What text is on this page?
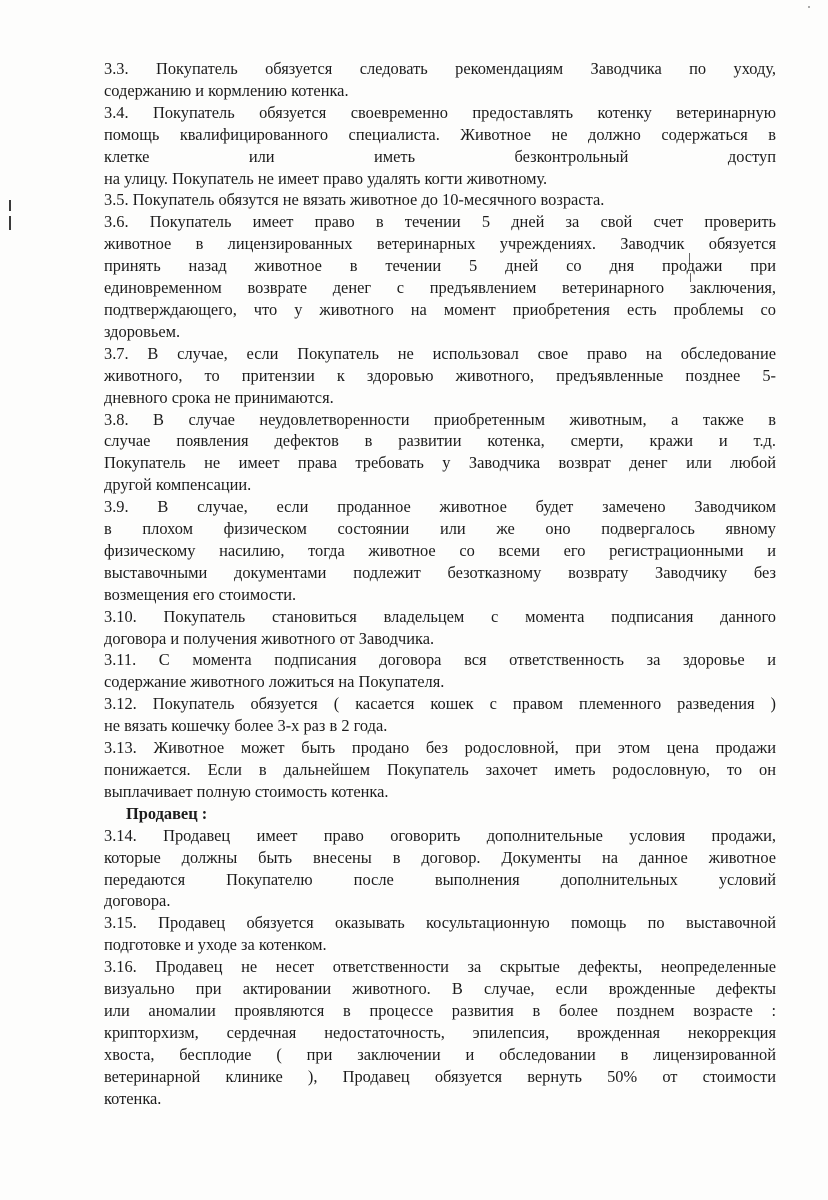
3.3. Покупатель обязуется следовать рекомендациям Заводчика по уходу,
содержанию и кормлению котенка.
3.4. Покупатель обязуется своевременно предоставлять котенку ветеринарную
помощь квалифицированного специалиста. Животное не должно содержаться в
клетке или иметь безконтрольный доступ
на улицу. Покупатель не имеет право удалять когти животному.
3.5. Покупатель обязутся не вязать животное до 10-месячного возраста.
3.6. Покупатель имеет право в течении 5 дней за свой счет проверить
животное в лицензированных ветеринарных учреждениях. Заводчик обязуется
принять назад животное в течении 5 дней со дня продажи при
единовременном возврате денег с предъявлением ветеринарного заключения,
подтверждающего, что у животного на момент приобретения есть проблемы со
здоровьем.
3.7. В случае, если Покупатель не использовал свое право на обследование
животного, то притензии к здоровью животного, предъявленные позднее 5-
дневного срока не принимаются.
3.8. В случае неудовлетворенности приобретенным животным, а также в
случае появления дефектов в развитии котенка, смерти, кражи и т.д.
Покупатель не имеет права требовать у Заводчика возврат денег или любой
другой компенсации.
3.9. В случае, если проданное животное будет замечено Заводчиком
в плохом физическом состоянии или же оно подвергалось явному
физическому насилию, тогда животное со всеми его регистрационными и
выставочными документами подлежит безотказному возврату Заводчику без
возмещения его стоимости.
3.10. Покупатель становиться владельцем с момента подписания данного
договора и получения животного от Заводчика.
3.11. С момента подписания договора вся ответственность за здоровье и
содержание животного ложиться на Покупателя.
3.12. Покупатель обязуется ( касается кошек с правом племенного разведения )
не вязать кошечку более 3-х раз в 2 года.
3.13. Животное может быть продано без родословной, при этом цена продажи
понижается. Если в дальнейшем Покупатель захочет иметь родословную, то он
выплачивает полную стоимость котенка.
Продавец :
3.14. Продавец имеет право оговорить дополнительные условия продажи,
которые должны быть внесены в договор. Документы на данное животное
передаются Покупателю после выполнения дополнительных условий
договора.
3.15. Продавец обязуется оказывать косультационную помощь по выставочной
подготовке и уходе за котенком.
3.16. Продавец не несет ответственности за скрытые дефекты, неопределенные
визуально при актировании животного. В случае, если врожденные дефекты
или аномалии проявляются в процессе развития в более позднем возрасте :
крипторхизм, сердечная недостаточность, эпилепсия, врожденная некоррекция
хвоста, бесплодие ( при заключении и обследовании в лицензированной
ветеринарной клинике ), Продавец обязуется вернуть 50% от стоимости
котенка.
